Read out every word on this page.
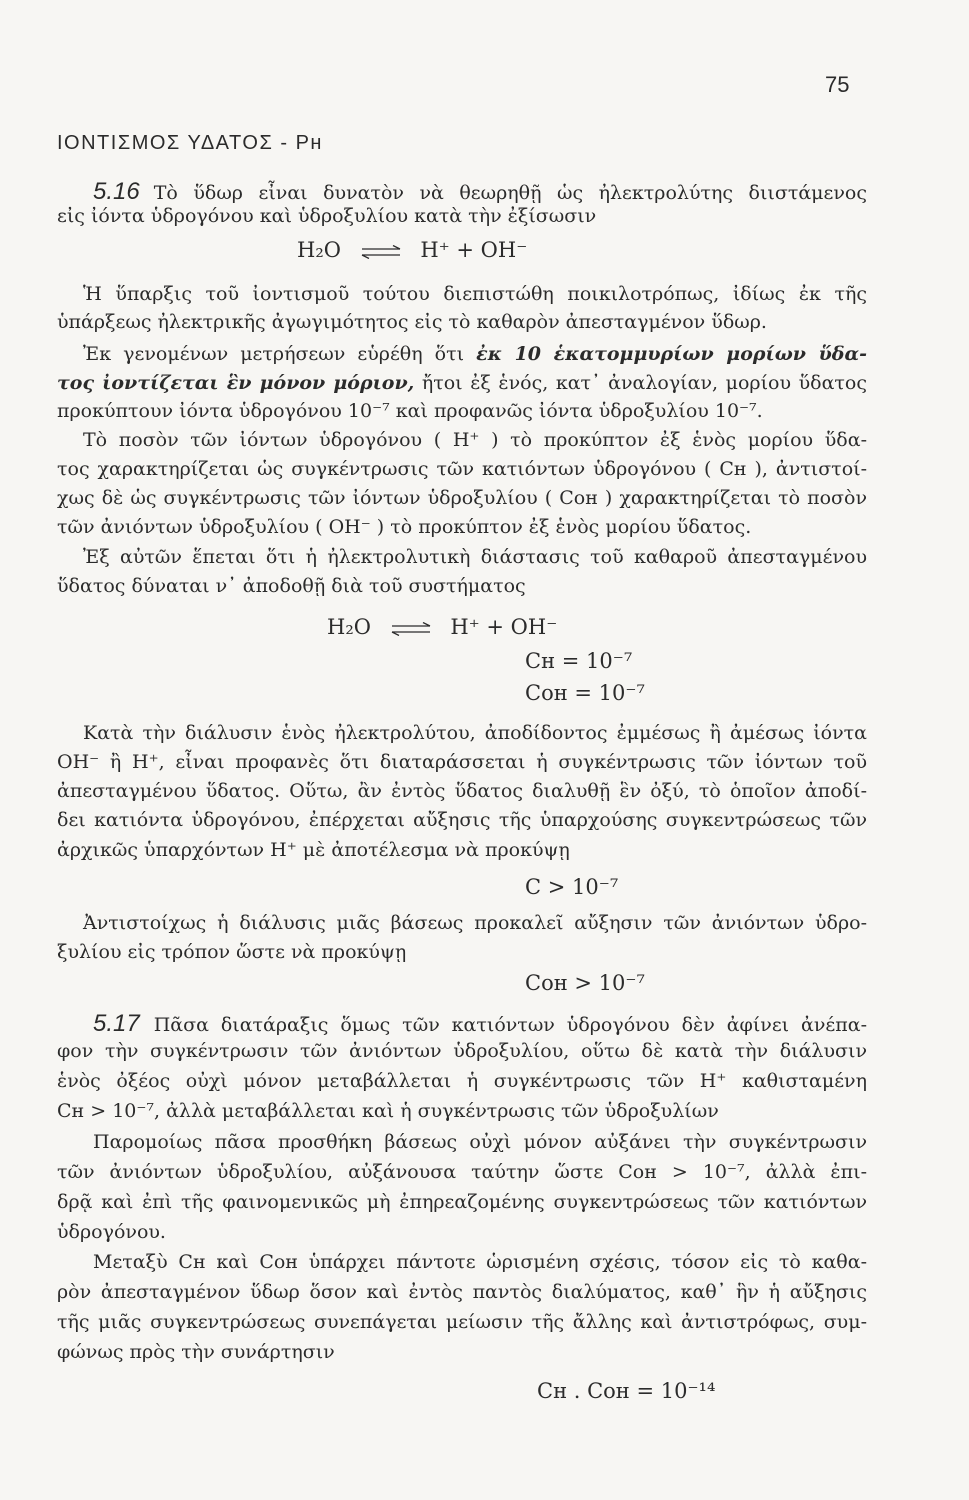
75
ΙΟΝΤΙΣΜΟΣ ΥΔΑΤΟΣ - Pн
5.16 Τὸ ὕδωρ εἶναι δυνατὸν νὰ θεωρηθῇ ὡς ἠλεκτρολύτης διιστάμενος
εἰς ἰόντα ὑδρογόνου καὶ ὑδροξυλίου κατὰ τὴν ἐξίσωσιν
H₂O ⇌ H⁺ + OH⁻
Ἡ ὕπαρξις τοῦ ἰοντισμοῦ τούτου διεπιστώθη ποικιλοτρόπως, ἰδίως ἐκ τῆς
ὑπάρξεως ἠλεκτρικῆς ἀγωγιμότητος εἰς τὸ καθαρὸν ἀπεσταγμένον ὕδωρ.
Ἐκ γενομένων μετρήσεων εὑρέθη ὅτι ἐκ 10 ἑκατομμυρίων μορίων ὕδα-
τος ἰοντίζεται ἓν μόνον μόριον, ἤτοι ἐξ ἑνός, κατ᾽ ἀναλογίαν, μορίου ὕδατος
προκύπτουν ἰόντα ὑδρογόνου 10⁻⁷ καὶ προφανῶς ἰόντα ὑδροξυλίου 10⁻⁷.
Τὸ ποσὸν τῶν ἰόντων ὑδρογόνου ( H⁺ ) τὸ προκύπτον ἐξ ἑνὸς μορίου ὕδα-
τος χαρακτηρίζεται ὡς συγκέντρωσις τῶν κατιόντων ὑδρογόνου ( Cн ), ἀντιστοί-
χως δὲ ὡς συγκέντρωσις τῶν ἰόντων ὑδροξυλίου ( Cон ) χαρακτηρίζεται τὸ ποσὸν
τῶν ἀνιόντων ὑδροξυλίου ( OH⁻ ) τὸ προκύπτον ἐξ ἑνὸς μορίου ὕδατος.
Ἐξ αὐτῶν ἕπεται ὅτι ἡ ἠλεκτρολυτικὴ διάστασις τοῦ καθαροῦ ἀπεσταγμένου
ὕδατος δύναται ν᾽ ἀποδοθῇ διὰ τοῦ συστήματος
H₂O ⇌ H⁺ + OH⁻
Cн = 10⁻⁷
Cон = 10⁻⁷
Κατὰ τὴν διάλυσιν ἑνὸς ἠλεκτρολύτου, ἀποδίδοντος ἐμμέσως ἢ ἀμέσως ἰόντα
OH⁻ ἢ H⁺, εἶναι προφανὲς ὅτι διαταράσσεται ἡ συγκέντρωσις τῶν ἰόντων τοῦ
ἀπεσταγμένου ὕδατος. Οὕτω, ἂν ἐντὸς ὕδατος διαλυθῇ ἓν ὀξύ, τὸ ὁποῖον ἀποδί-
δει κατιόντα ὑδρογόνου, ἐπέρχεται αὔξησις τῆς ὑπαρχούσης συγκεντρώσεως τῶν
ἀρχικῶς ὑπαρχόντων H⁺ μὲ ἀποτέλεσμα νὰ προκύψῃ
C > 10⁻⁷
Ἀντιστοίχως ἡ διάλυσις μιᾶς βάσεως προκαλεῖ αὔξησιν τῶν ἀνιόντων ὑδρο-
ξυλίου εἰς τρόπον ὥστε νὰ προκύψῃ
Cон > 10⁻⁷
5.17 Πᾶσα διατάραξις ὅμως τῶν κατιόντων ὑδρογόνου δὲν ἀφίνει ἀνέπα-
φον τὴν συγκέντρωσιν τῶν ἀνιόντων ὑδροξυλίου, οὕτω δὲ κατὰ τὴν διάλυσιν
ἑνὸς ὀξέος οὐχὶ μόνον μεταβάλλεται ἡ συγκέντρωσις τῶν H⁺ καθισταμένη
Cн > 10⁻⁷, ἀλλὰ μεταβάλλεται καὶ ἡ συγκέντρωσις τῶν ὑδροξυλίων
Παρομοίως πᾶσα προσθήκη βάσεως οὐχὶ μόνον αὐξάνει τὴν συγκέντρωσιν
τῶν ἀνιόντων ὑδροξυλίου, αὐξάνουσα ταύτην ὥστε Cон > 10⁻⁷, ἀλλὰ ἐπι-
δρᾷ καὶ ἐπὶ τῆς φαινομενικῶς μὴ ἐπηρεαζομένης συγκεντρώσεως τῶν κατιόντων
ὑδρογόνου.
Μεταξὺ Cн καὶ Cон ὑπάρχει πάντοτε ὡρισμένη σχέσις, τόσον εἰς τὸ καθα-
ρὸν ἀπεσταγμένον ὕδωρ ὅσον καὶ ἐντὸς παντὸς διαλύματος, καθ᾽ ἣν ἡ αὔξησις
τῆς μιᾶς συγκεντρώσεως συνεπάγεται μείωσιν τῆς ἄλλης καὶ ἀντιστρόφως, συμ-
φώνως πρὸς τὴν συνάρτησιν
Cн . Cон = 10⁻¹⁴
